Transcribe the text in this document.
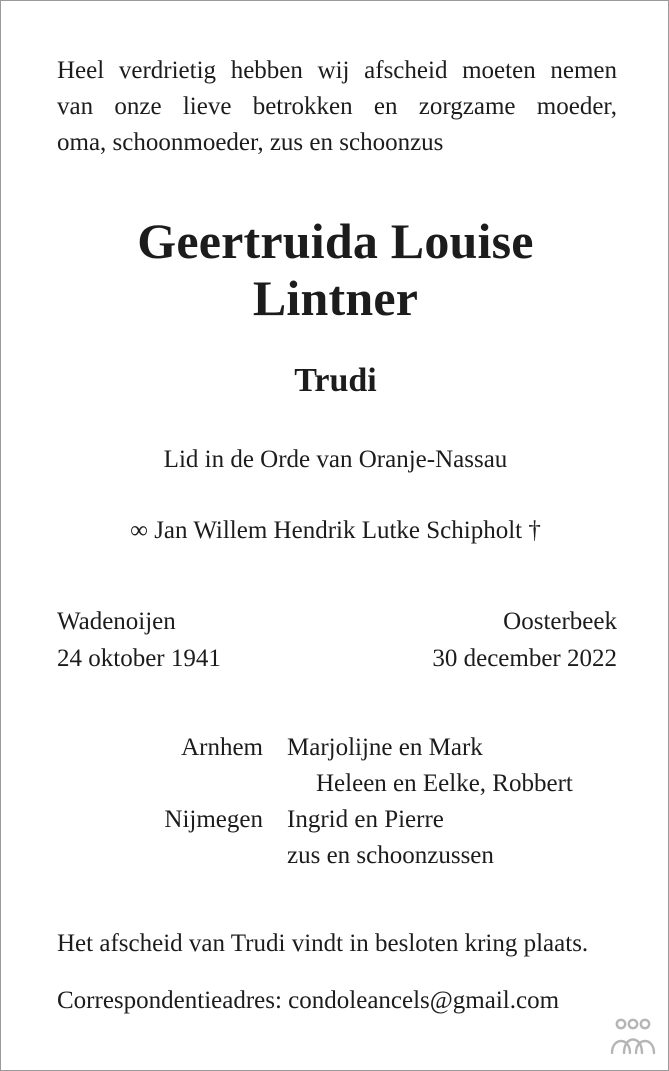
Heel verdrietig hebben wij afscheid moeten nemen
van onze lieve betrokken en zorgzame moeder,
oma, schoonmoeder, zus en schoonzus
Geertruida Louise
Lintner
Trudi
Lid in de Orde van Oranje-Nassau
∞ Jan Willem Hendrik Lutke Schipholt †
Wadenoijen
24 oktober 1941
Oosterbeek
30 december 2022
Arnhem Marjolijne en Mark
Heleen en Eelke, Robbert
Nijmegen Ingrid en Pierre
zus en schoonzussen
Het afscheid van Trudi vindt in besloten kring plaats.
Correspondentieadres: condoleancels@gmail.com
